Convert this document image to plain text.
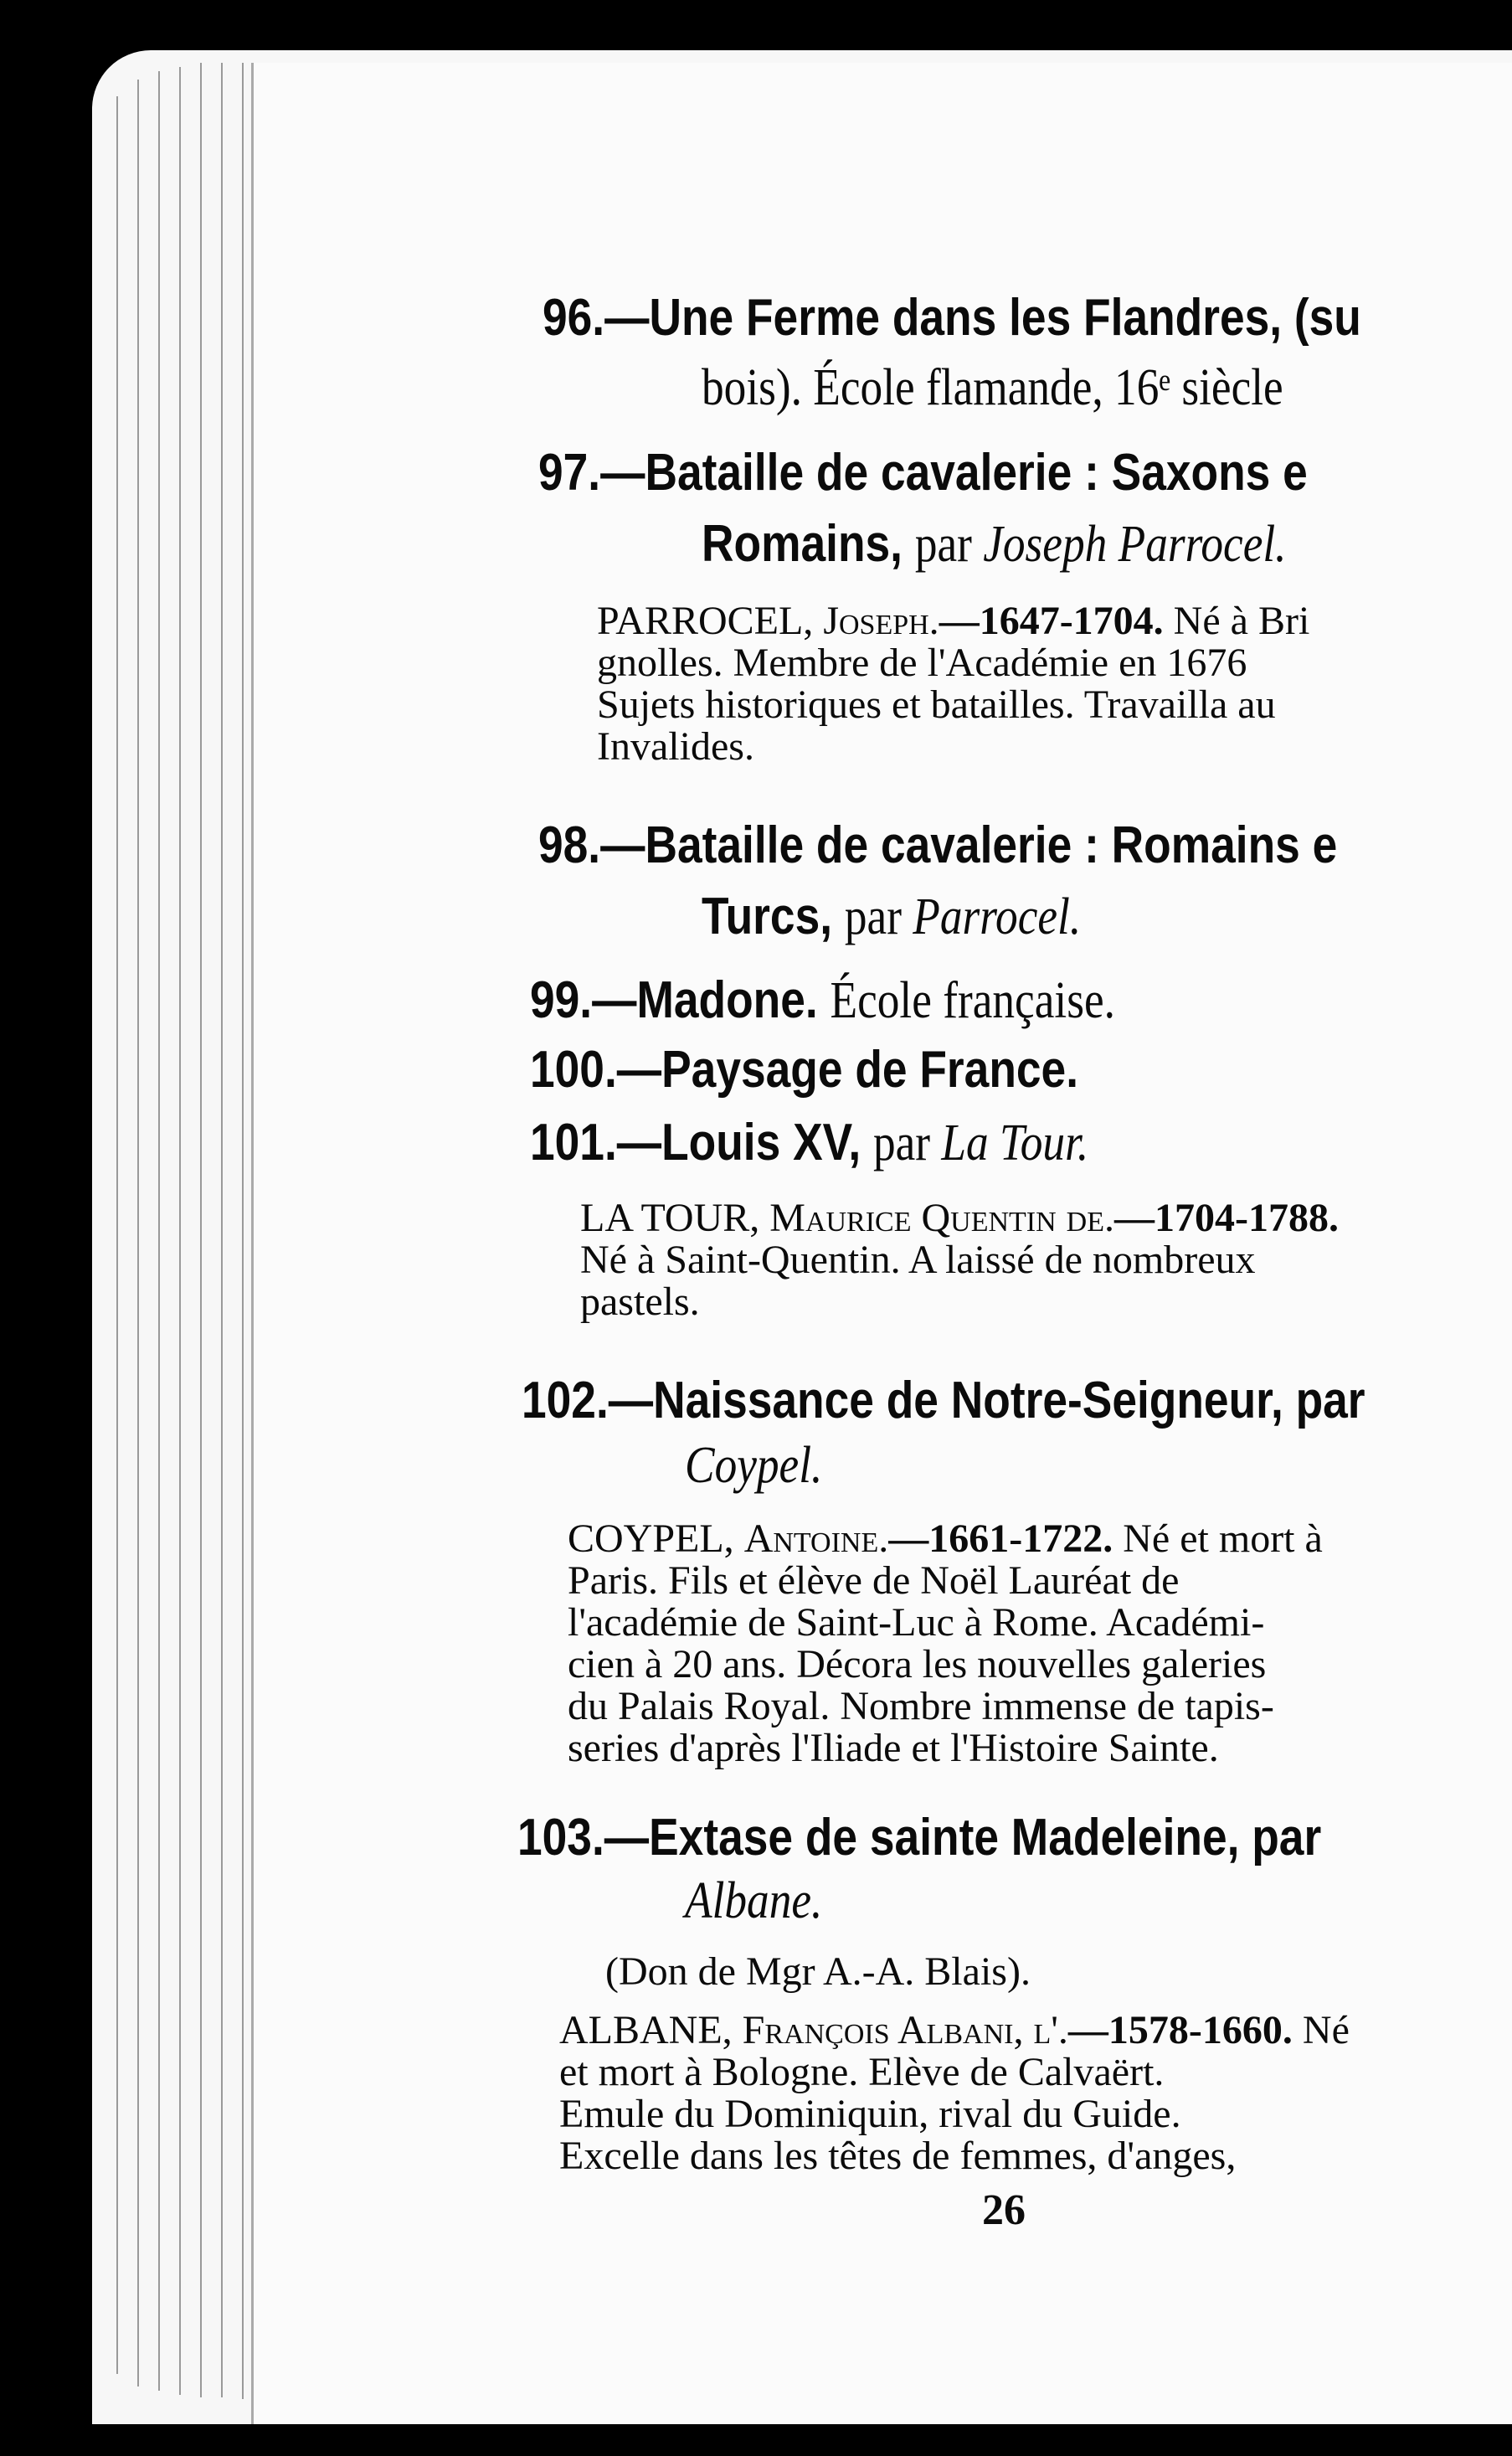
96.—Une Ferme dans les Flandres, (su
bois). École flamande, 16ᵉ siècle
97.—Bataille de cavalerie : Saxons e
Romains, par Joseph Parrocel.
PARROCEL, Joseph.—1647-1704. Né à Bri
gnolles. Membre de l'Académie en 1676
Sujets historiques et batailles. Travailla au
Invalides.
98.—Bataille de cavalerie : Romains e
Turcs, par Parrocel.
99.—Madone. École française.
100.—Paysage de France.
101.—Louis XV, par La Tour.
LA TOUR, Maurice Quentin de.—1704-1788.
Né à Saint-Quentin. A laissé de nombreux
pastels.
102.—Naissance de Notre-Seigneur, par
Coypel.
COYPEL, Antoine.—1661-1722. Né et mort à
Paris. Fils et élève de Noël Lauréat de
l'académie de Saint-Luc à Rome. Académi-
cien à 20 ans. Décora les nouvelles galeries
du Palais Royal. Nombre immense de tapis-
series d'après l'Iliade et l'Histoire Sainte.
103.—Extase de sainte Madeleine, par
Albane.
(Don de Mgr A.-A. Blais).
ALBANE, François Albani, l'.—1578-1660. Né
et mort à Bologne. Elève de Calvaërt.
Emule du Dominiquin, rival du Guide.
Excelle dans les têtes de femmes, d'anges,
26
